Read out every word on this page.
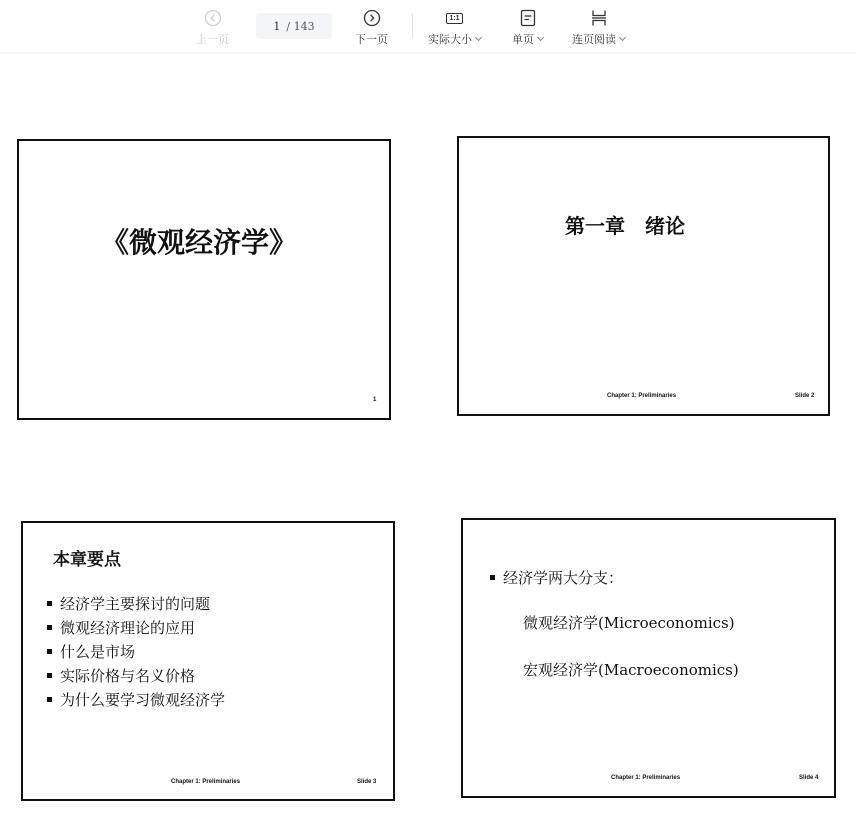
上一页
1 / 143
下一页
1:1
实际大小	单页	连页阅读
《微观经济学》
1
第一章　绪论
Chapter 1: Preliminaries	Slide 2
本章要点
经济学主要探讨的问题
微观经济理论的应用
什么是市场
实际价格与名义价格
为什么要学习微观经济学
Chapter 1: Preliminaries	Slide 3
经济学两大分支：
微观经济学(Microeconomics)
宏观经济学(Macroeconomics)
Chapter 1: Preliminaries	Slide 4
